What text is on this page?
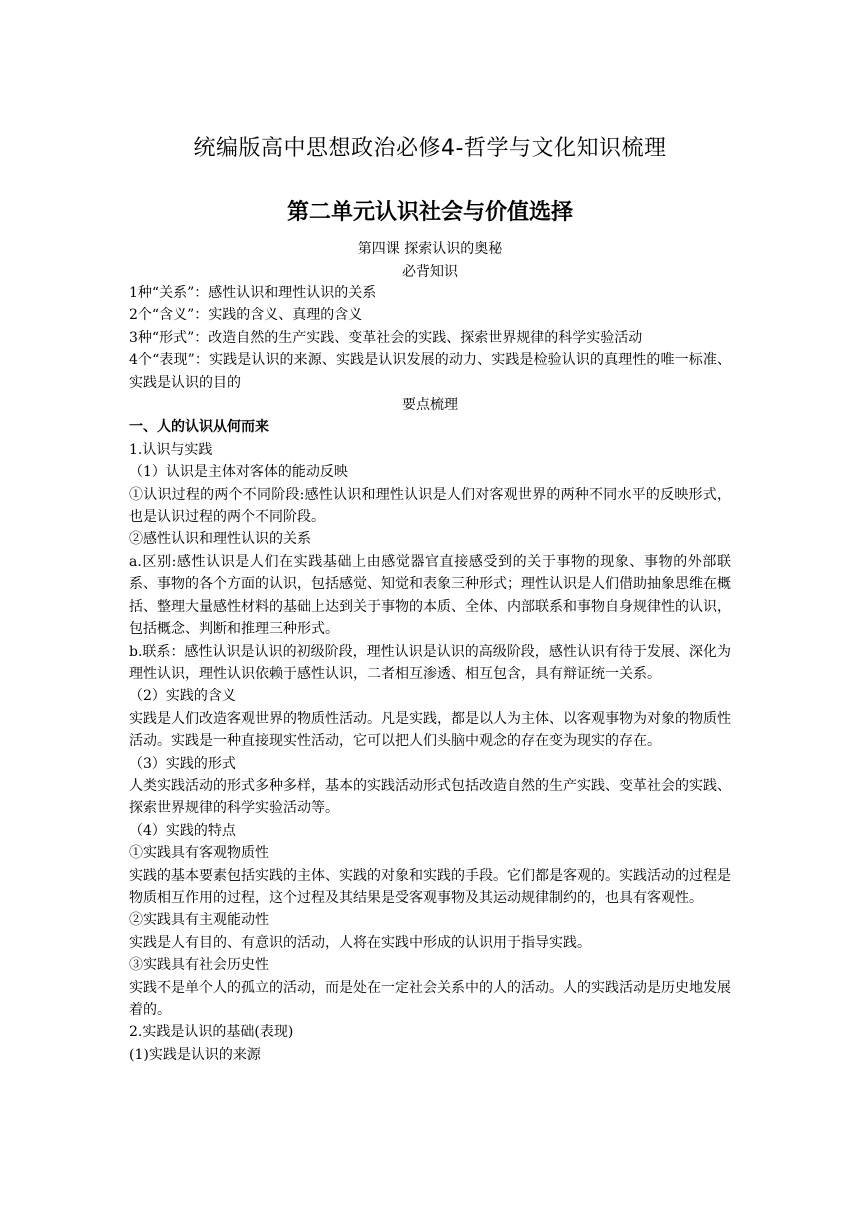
统编版高中思想政治必修4-哲学与文化知识梳理
第二单元认识社会与价值选择
第四课 探索认识的奥秘
必背知识

1种“关系”：感性认识和理性认识的关系

2个“含义”：实践的含义、真理的含义

3种“形式”：改造自然的生产实践、变革社会的实践、探索世界规律的科学实验活动

4个“表现”：实践是认识的来源、实践是认识发展的动力、实践是检验认识的真理性的唯一标准、实践是认识的目的

要点梳理

一、人的认识从何而来

1.认识与实践

（1）认识是主体对客体的能动反映

①认识过程的两个不同阶段:感性认识和理性认识是人们对客观世界的两种不同水平的反映形式，也是认识过程的两个不同阶段。

②感性认识和理性认识的关系

a.区别:感性认识是人们在实践基础上由感觉器官直接感受到的关于事物的现象、事物的外部联系、事物的各个方面的认识，包括感觉、知觉和表象三种形式；理性认识是人们借助抽象思维在概括、整理大量感性材料的基础上达到关于事物的本质、全体、内部联系和事物自身规律性的认识，包括概念、判断和推理三种形式。

b.联系：感性认识是认识的初级阶段，理性认识是认识的高级阶段，感性认识有待于发展、深化为理性认识，理性认识依赖于感性认识，二者相互渗透、相互包含，具有辩证统一关系。

（2）实践的含义

实践是人们改造客观世界的物质性活动。凡是实践，都是以人为主体、以客观事物为对象的物质性活动。实践是一种直接现实性活动，它可以把人们头脑中观念的存在变为现实的存在。

（3）实践的形式

人类实践活动的形式多种多样，基本的实践活动形式包括改造自然的生产实践、变革社会的实践、探索世界规律的科学实验活动等。

（4）实践的特点

①实践具有客观物质性

实践的基本要素包括实践的主体、实践的对象和实践的手段。它们都是客观的。实践活动的过程是物质相互作用的过程，这个过程及其结果是受客观事物及其运动规律制约的，也具有客观性。

②实践具有主观能动性

实践是人有目的、有意识的活动，人将在实践中形成的认识用于指导实践。

③实践具有社会历史性

实践不是单个人的孤立的活动，而是处在一定社会关系中的人的活动。人的实践活动是历史地发展着的。

2.实践是认识的基础(表现)

(1)实践是认识的来源
